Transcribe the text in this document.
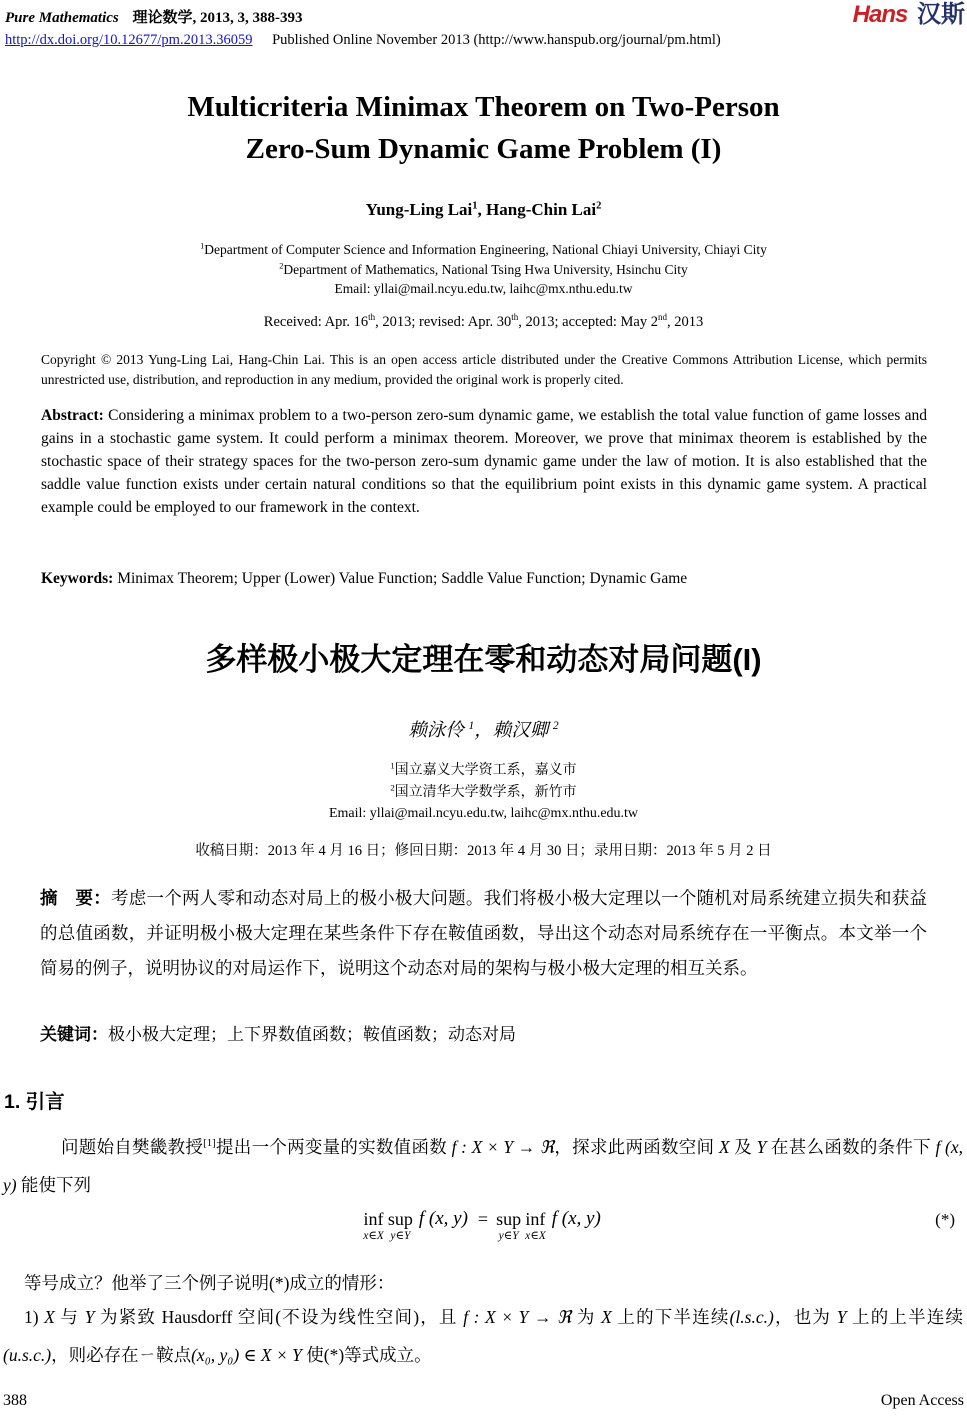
Pure Mathematics 理论数学, 2013, 3, 388-393
http://dx.doi.org/10.12677/pm.2013.36059 Published Online November 2013 (http://www.hanspub.org/journal/pm.html)
Hans 汉斯
Multicriteria Minimax Theorem on Two-Person
Zero-Sum Dynamic Game Problem (I)
Yung-Ling Lai$^1$, Hang-Chin Lai$^2$
$^1$Department of Computer Science and Information Engineering, National Chiayi University, Chiayi City
$^2$Department of Mathematics, National Tsing Hwa University, Hsinchu City
Email: yllai@mail.ncyu.edu.tw, laihc@mx.nthu.edu.tw
Received: Apr. 16th, 2013; revised: Apr. 30th, 2013; accepted: May 2nd, 2013
Copyright © 2013 Yung-Ling Lai, Hang-Chin Lai. This is an open access article distributed under the Creative Commons Attribution License, which permits unrestricted use, distribution, and reproduction in any medium, provided the original work is properly cited.
Abstract: Considering a minimax problem to a two-person zero-sum dynamic game, we establish the total value function of game losses and gains in a stochastic game system. It could perform a minimax theorem. Moreover, we prove that minimax theorem is established by the stochastic space of their strategy spaces for the two-person zero-sum dynamic game under the law of motion. It is also established that the saddle value function exists under certain natural conditions so that the equilibrium point exists in this dynamic game system. A practical example could be employed to our framework in the context.
Keywords: Minimax Theorem; Upper (Lower) Value Function; Saddle Value Function; Dynamic Game
多样极小极大定理在零和动态对局问题(I)
赖泳伶 $^1$，赖汉卿 $^2$
$^1$国立嘉义大学资工系，嘉义市
$^2$国立清华大学数学系，新竹市
Email: yllai@mail.ncyu.edu.tw, laihc@mx.nthu.edu.tw
收稿日期：2013 年 4 月 16 日；修回日期：2013 年 4 月 30 日；录用日期：2013 年 5 月 2 日
摘　要：考虑一个两人零和动态对局上的极小极大问题。我们将极小极大定理以一个随机对局系统建立损失和获益的总值函数，并证明极小极大定理在某些条件下存在鞍值函数，导出这个动态对局系统存在一平衡点。本文举一个简易的例子，说明协议的对局运作下，说明这个动态对局的架构与极小极大定理的相互关系。
关键词：极小极大定理；上下界数值函数；鞍值函数；动态对局
1. 引言
问题始自樊畿教授[1]提出一个两变量的实数值函数 f : X × Y → ℜ，探求此两函数空间 X 及 Y 在甚么函数的条件下 f (x, y) 能使下列
inf
x∈X
sup
y∈Y
f (x, y) = sup
y∈Y
inf
x∈X
f (x, y)	(*)
等号成立？他举了三个例子说明(*)成立的情形：
1) X 与 Y 为紧致 Hausdorff 空间(不设为线性空间)，且 f : X × Y → ℜ 为 X 上的下半连续(l.s.c.)，也为 Y 上的上半连续(u.s.c.)，则必存在ㄧ鞍点(x₀, y₀) ∈ X × Y 使(*)等式成立。
388	Open Access
